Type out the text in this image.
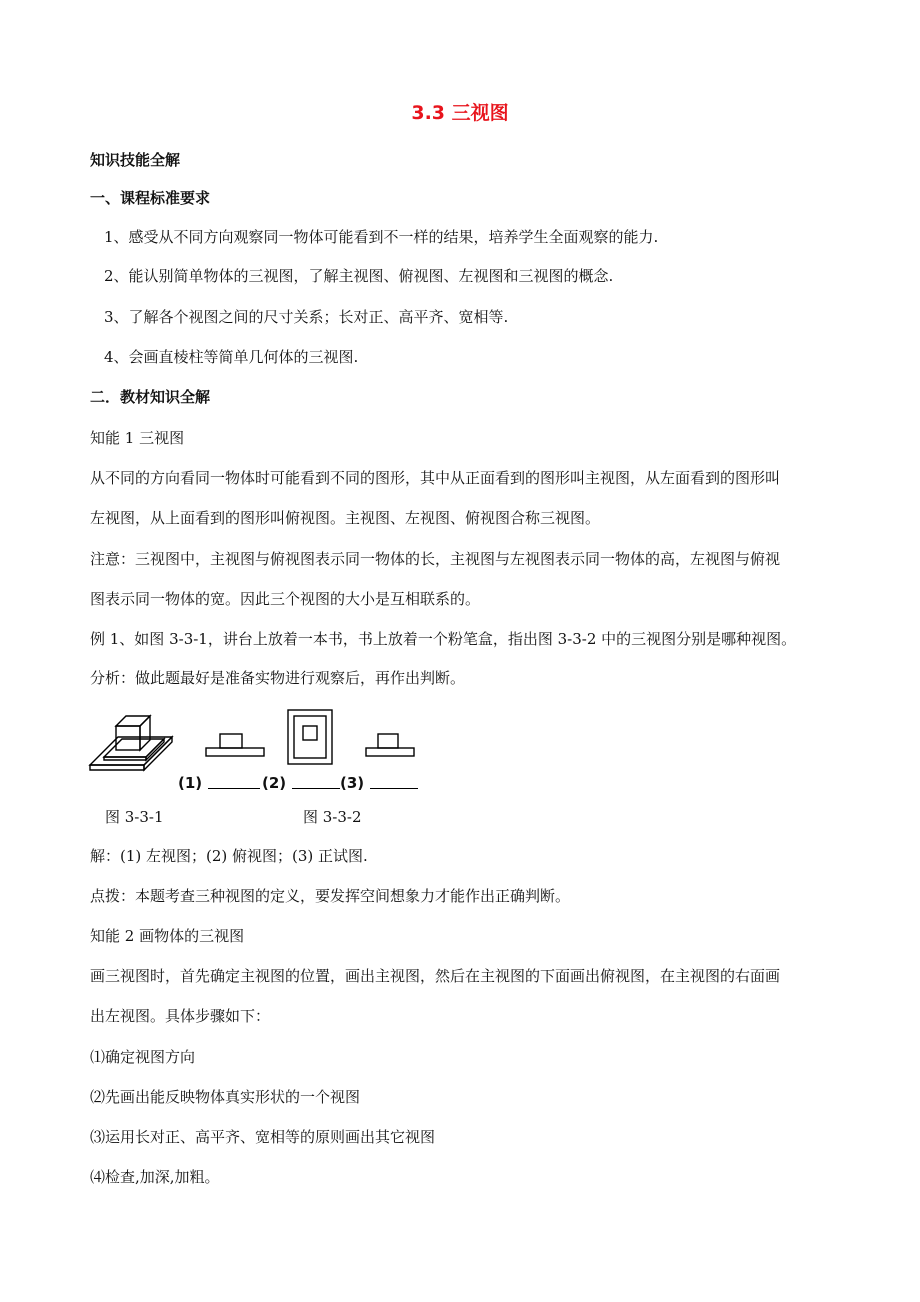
3.3 三视图
知识技能全解
一、课程标准要求
1、感受从不同方向观察同一物体可能看到不一样的结果，培养学生全面观察的能力.
2、能认别简单物体的三视图，了解主视图、俯视图、左视图和三视图的概念.
3、了解各个视图之间的尺寸关系；长对正、高平齐、宽相等.
4、会画直棱柱等简单几何体的三视图.
二．教材知识全解
知能 1 三视图
从不同的方向看同一物体时可能看到不同的图形，其中从正面看到的图形叫主视图，从左面看到的图形叫
左视图，从上面看到的图形叫俯视图。主视图、左视图、俯视图合称三视图。
注意：三视图中，主视图与俯视图表示同一物体的长，主视图与左视图表示同一物体的高，左视图与俯视
图表示同一物体的宽。因此三个视图的大小是互相联系的。
例 1、如图 3-3-1，讲台上放着一本书，书上放着一个粉笔盒，指出图 3-3-2 中的三视图分别是哪种视图。
分析：做此题最好是准备实物进行观察后，再作出判断。
(1)	(2)	(3)
图 3-3-1	图 3-3-2
解：(1) 左视图；(2) 俯视图；(3) 正试图.
点拨：本题考查三种视图的定义，要发挥空间想象力才能作出正确判断。
知能 2 画物体的三视图
画三视图时，首先确定主视图的位置，画出主视图，然后在主视图的下面画出俯视图，在主视图的右面画
出左视图。具体步骤如下：
⑴确定视图方向
⑵先画出能反映物体真实形状的一个视图
⑶运用长对正、高平齐、宽相等的原则画出其它视图
⑷检查,加深,加粗。
